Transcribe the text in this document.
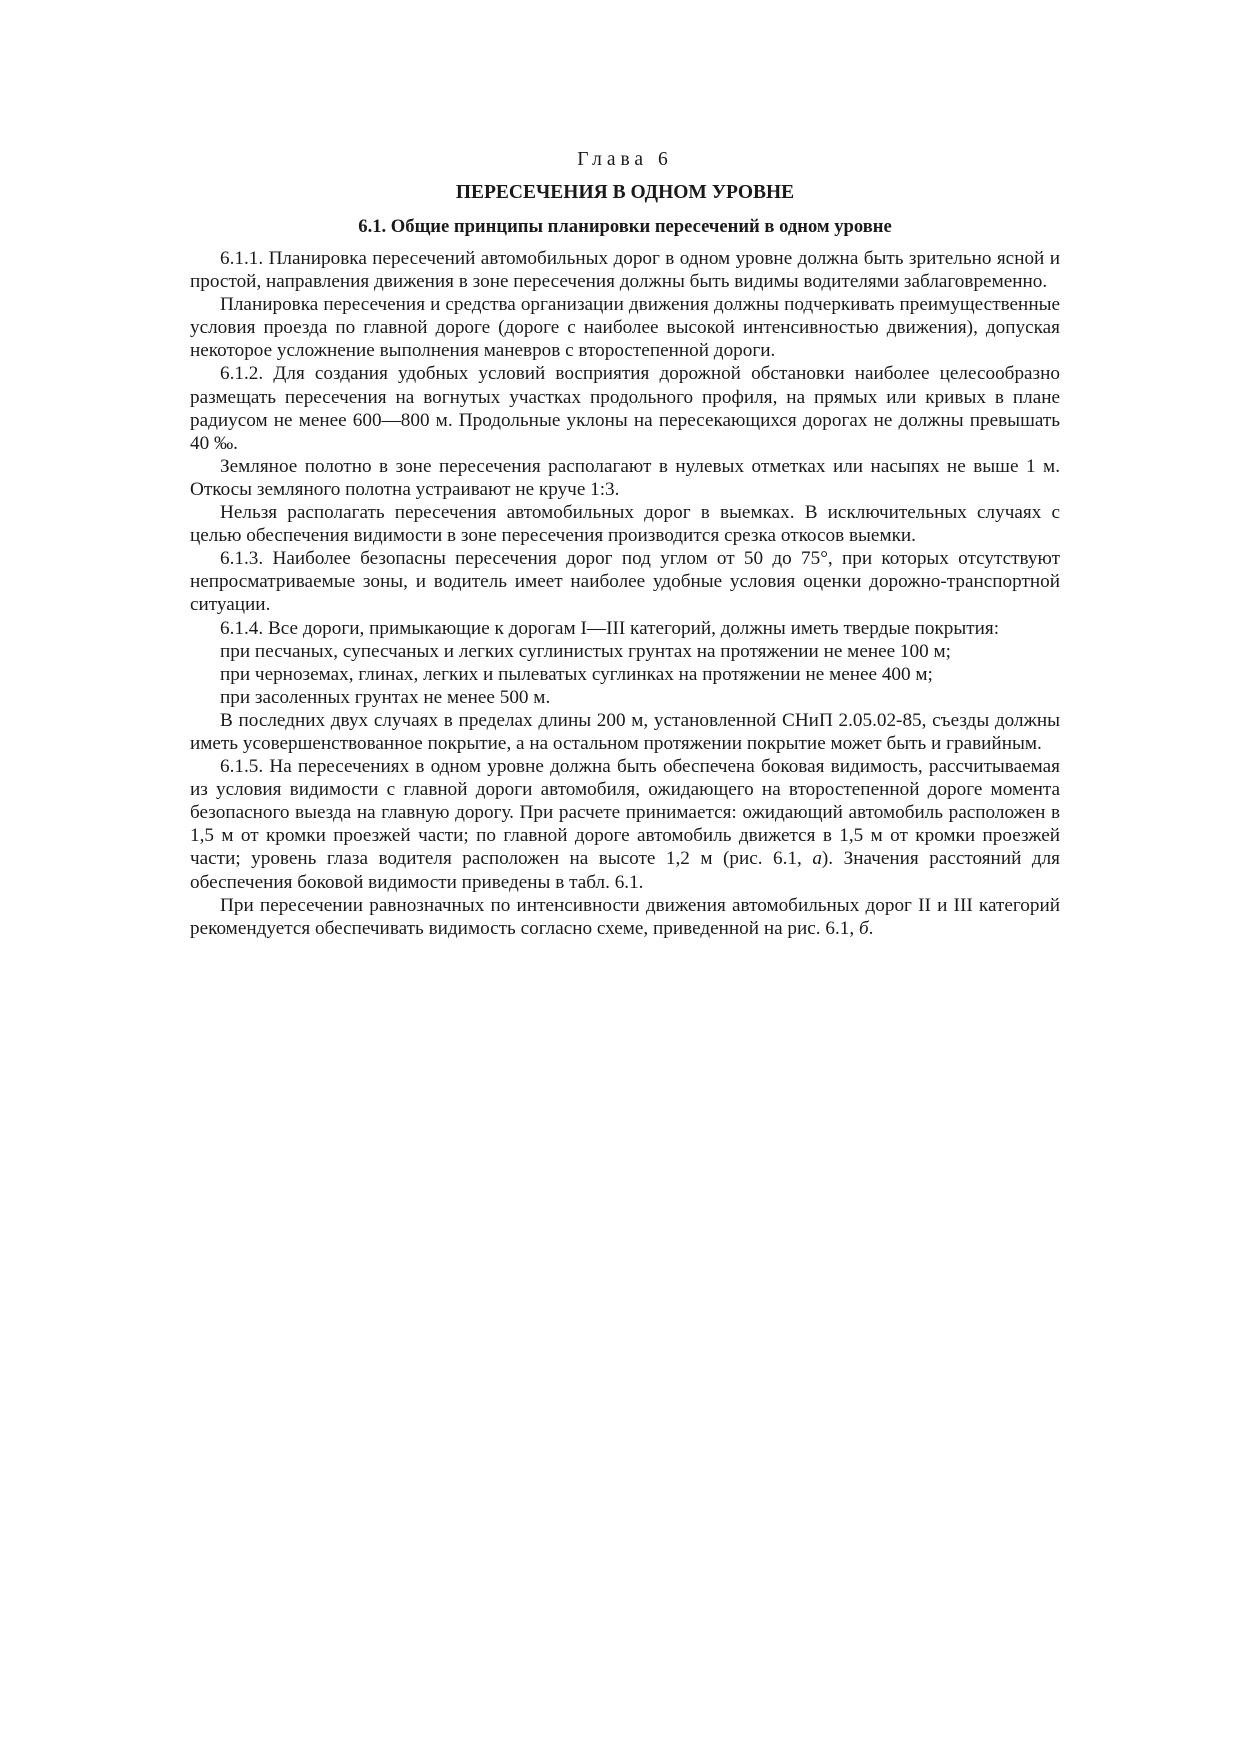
Глава 6
ПЕРЕСЕЧЕНИЯ В ОДНОМ УРОВНЕ
6.1. Общие принципы планировки пересечений в одном уровне

6.1.1. Планировка пересечений автомобильных дорог в одном уровне должна быть зрительно ясной и простой, направления движения в зоне пересечения должны быть видимы водителями заблаговременно.

Планировка пересечения и средства организации движения должны подчеркивать преимущественные условия проезда по главной дороге (дороге с наиболее высокой интенсивностью движения), допуская некоторое усложнение выполнения маневров с второстепенной дороги.

6.1.2. Для создания удобных условий восприятия дорожной обстановки наиболее целесообразно размещать пересечения на вогнутых участках продольного профиля, на прямых или кривых в плане радиусом не менее 600—800 м. Продольные уклоны на пересекающихся дорогах не должны превышать 40 ‰.

Земляное полотно в зоне пересечения располагают в нулевых отметках или насыпях не выше 1 м. Откосы земляного полотна устраивают не круче 1:3.

Нельзя располагать пересечения автомобильных дорог в выемках. В исключительных случаях с целью обеспечения видимости в зоне пересечения производится срезка откосов выемки.

6.1.3. Наиболее безопасны пересечения дорог под углом от 50 до 75°, при которых отсутствуют непросматриваемые зоны, и водитель имеет наиболее удобные условия оценки дорожно-транспортной ситуации.

6.1.4. Все дороги, примыкающие к дорогам I—III категорий, должны иметь твердые покрытия:

при песчаных, супесчаных и легких суглинистых грунтах на протяжении не менее 100 м;

при черноземах, глинах, легких и пылеватых суглинках на протяжении не менее 400 м;

при засоленных грунтах не менее 500 м.

В последних двух случаях в пределах длины 200 м, установленной СНиП 2.05.02-85, съезды должны иметь усовершенствованное покрытие, а на остальном протяжении покрытие может быть и гравийным.

6.1.5. На пересечениях в одном уровне должна быть обеспечена боковая видимость, рассчитываемая из условия видимости с главной дороги автомобиля, ожидающего на второстепенной дороге момента безопасного выезда на главную дорогу. При расчете принимается: ожидающий автомобиль расположен в 1,5 м от кромки проезжей части; по главной дороге автомобиль движется в 1,5 м от кромки проезжей части; уровень глаза водителя расположен на высоте 1,2 м (рис. 6.1, а). Значения расстояний для обеспечения боковой видимости приведены в табл. 6.1.

При пересечении равнозначных по интенсивности движения автомобильных дорог II и III категорий рекомендуется обеспечивать видимость согласно схеме, приведенной на рис. 6.1, б.
